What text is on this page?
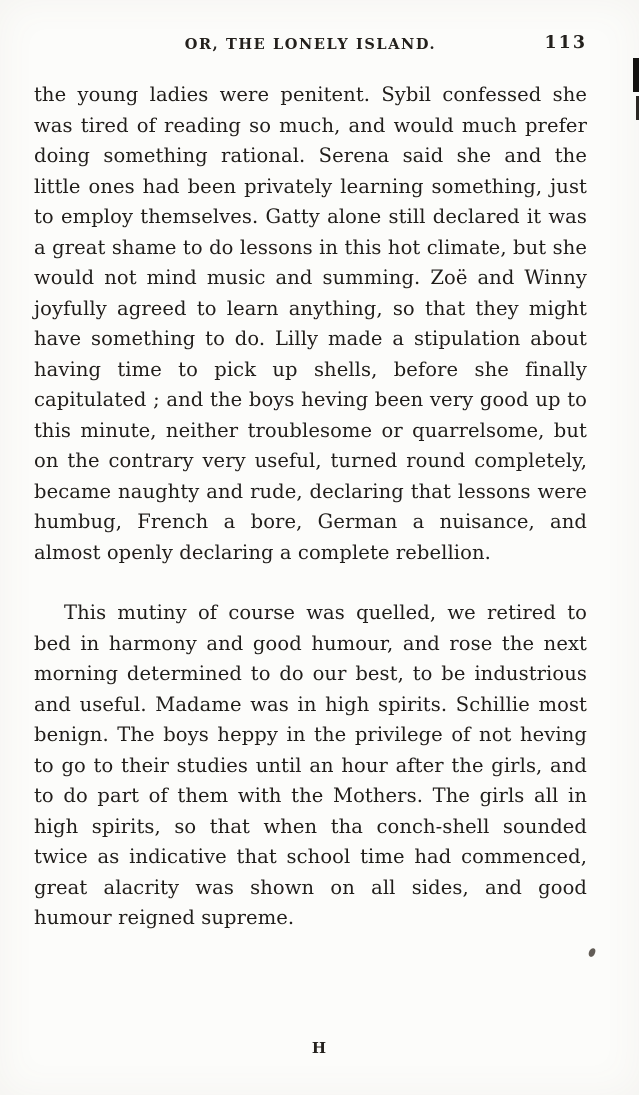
OR, THE LONELY ISLAND.	113

the young ladies were penitent. Sybil confessed she was tired of reading so much, and would much prefer doing something rational. Serena said she and the little ones had been privately learning something, just to employ themselves. Gatty alone still declared it was a great shame to do lessons in this hot climate, but she would not mind music and summing. Zoë and Winny joyfully agreed to learn anything, so that they might have something to do. Lilly made a stipulation about having time to pick up shells, before she finally capitulated ; and the boys heving been very good up to this minute, neither troublesome or quarrelsome, but on the contrary very useful, turned round completely, became naughty and rude, declaring that lessons were humbug, French a bore, German a nuisance, and almost openly declaring a complete rebellion.

This mutiny of course was quelled, we retired to bed in harmony and good humour, and rose the next morning determined to do our best, to be industrious and useful. Madame was in high spirits. Schillie most benign. The boys heppy in the privilege of not heving to go to their studies until an hour after the girls, and to do part of them with the Mothers. The girls all in high spirits, so that when tha conch-shell sounded twice as indicative that school time had commenced, great alacrity was shown on all sides, and good humour reigned supreme.

H
